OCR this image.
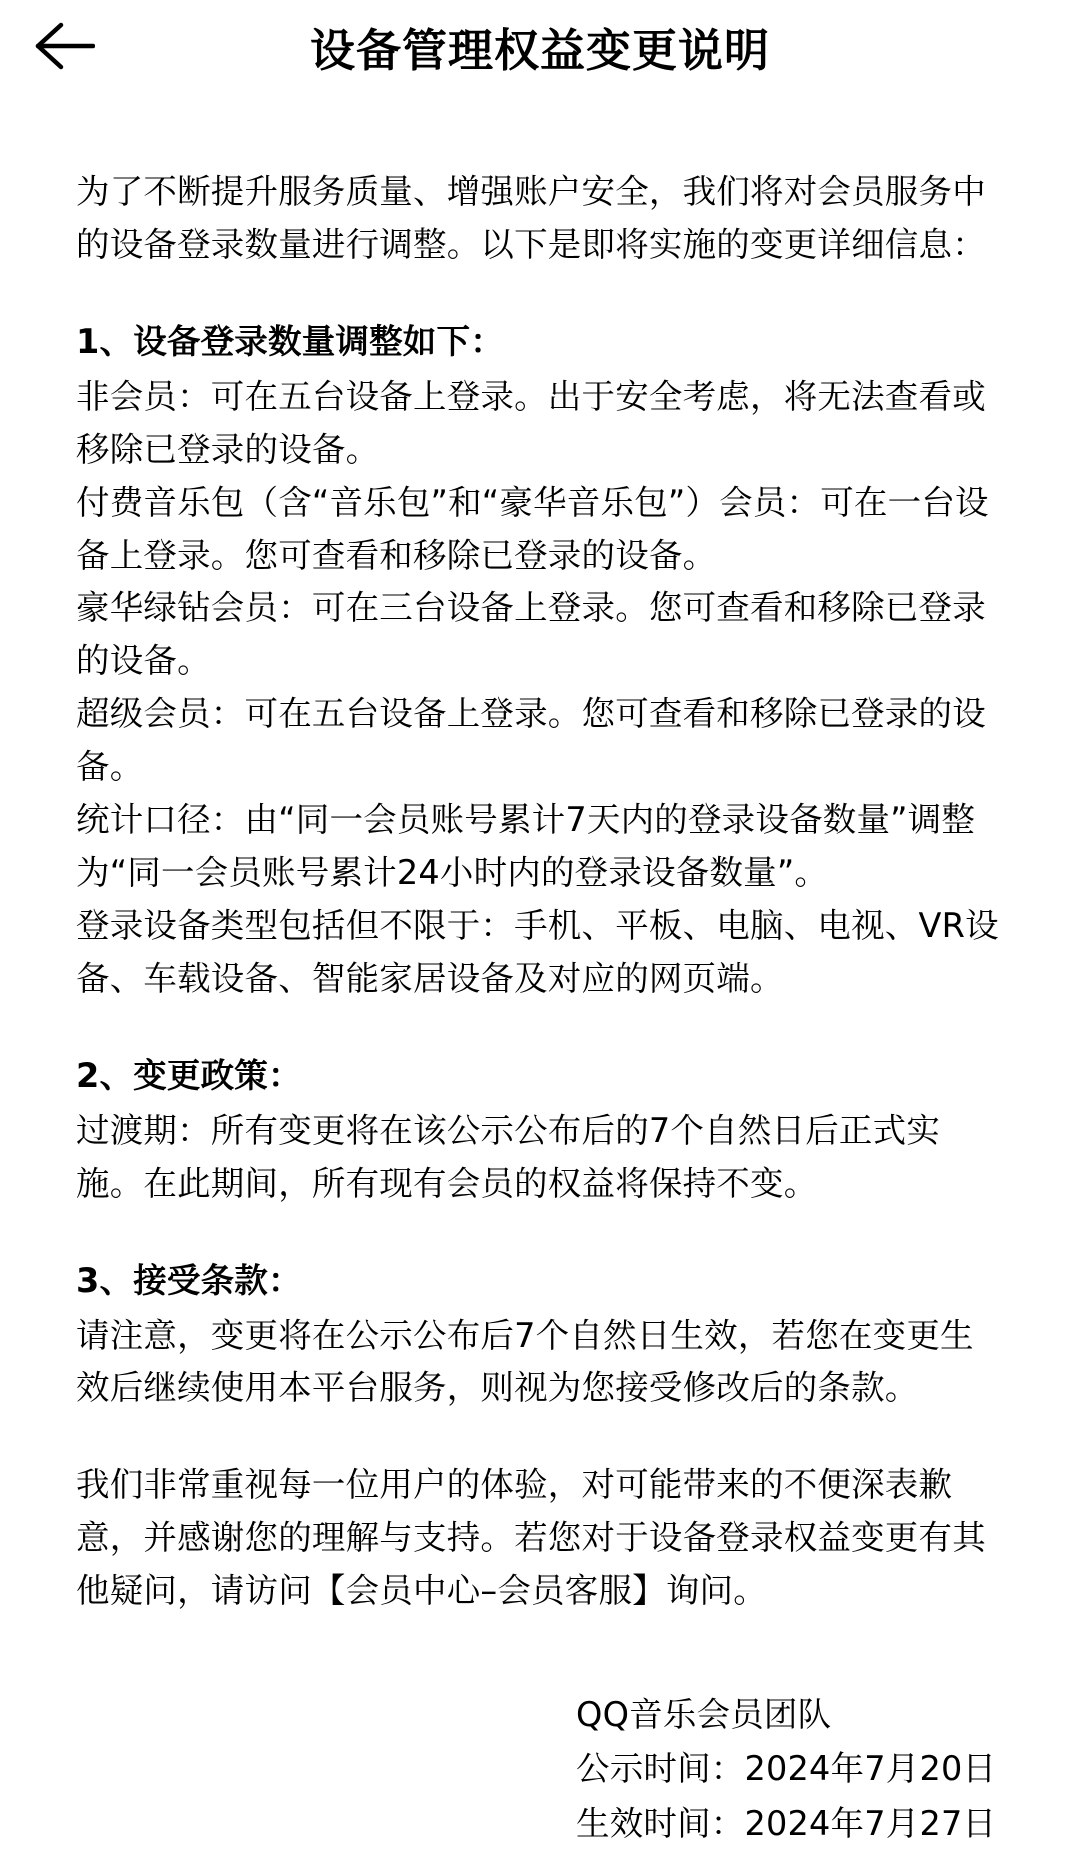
设备管理权益变更说明

为了不断提升服务质量、增强账户安全，我们将对会员服务中的设备登录数量进行调整。以下是即将实施的变更详细信息：

1、设备登录数量调整如下：

非会员：可在五台设备上登录。出于安全考虑，将无法查看或移除已登录的设备。

付费音乐包（含“音乐包”和“豪华音乐包”）会员：可在一台设备上登录。您可查看和移除已登录的设备。

豪华绿钻会员：可在三台设备上登录。您可查看和移除已登录的设备。

超级会员：可在五台设备上登录。您可查看和移除已登录的设备。

统计口径：由“同一会员账号累计7天内的登录设备数量”调整为“同一会员账号累计24小时内的登录设备数量”。

登录设备类型包括但不限于：手机、平板、电脑、电视、VR设备、车载设备、智能家居设备及对应的网页端。

2、变更政策：

过渡期：所有变更将在该公示公布后的7个自然日后正式实施。在此期间，所有现有会员的权益将保持不变。

3、接受条款：

请注意，变更将在公示公布后7个自然日生效，若您在变更生效后继续使用本平台服务，则视为您接受修改后的条款。

我们非常重视每一位用户的体验，对可能带来的不便深表歉意，并感谢您的理解与支持。若您对于设备登录权益变更有其他疑问，请访问【会员中心–会员客服】询问。

QQ音乐会员团队

公示时间：2024年7月20日

生效时间：2024年7月27日
